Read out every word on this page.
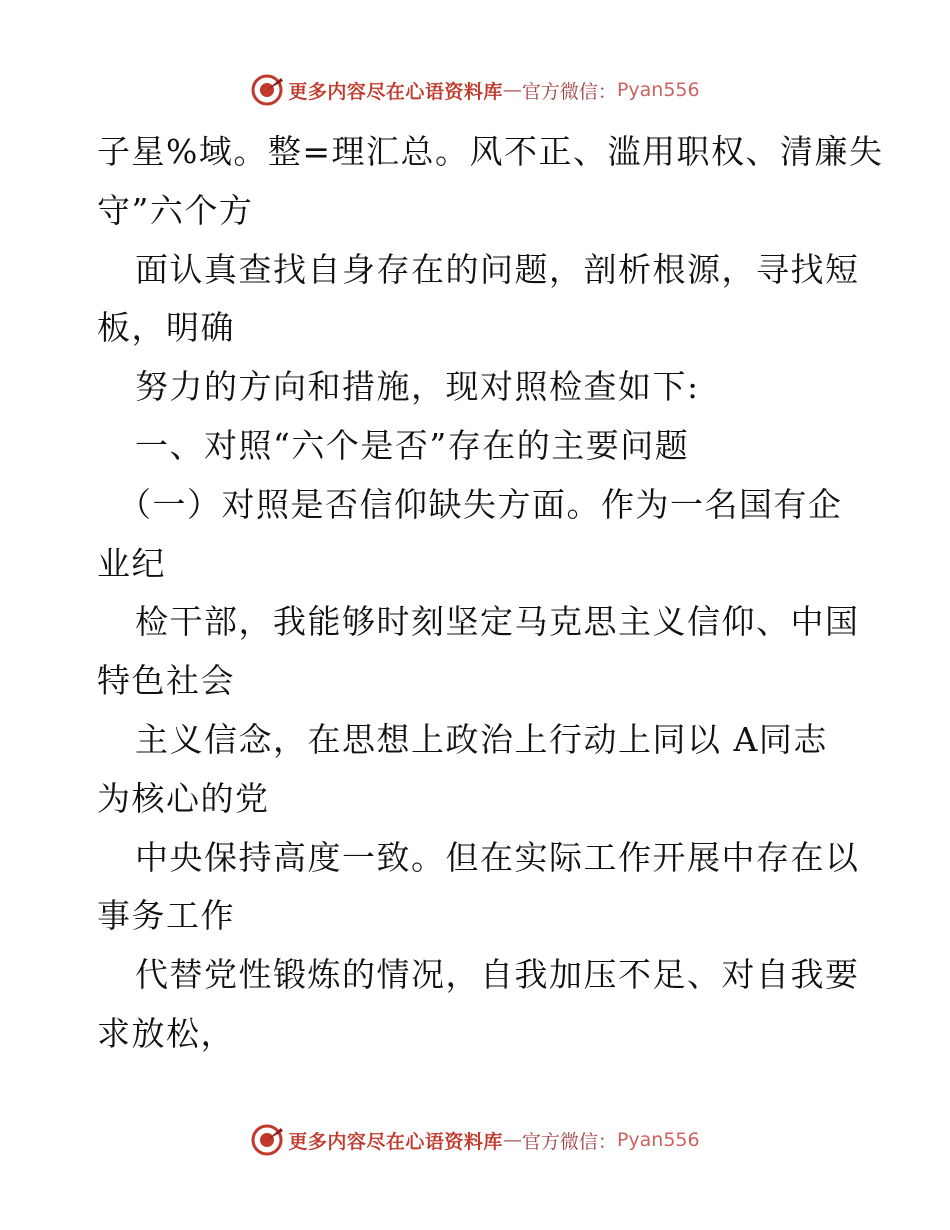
更多内容尽在心语资料库 — 官方微信： Pyan556
子星%域。整=理汇总。风不正、滥用职权、清廉失
守”六个方
面认真查找自身存在的问题，剖析根源，寻找短
板，明确
努力的方向和措施，现对照检查如下:
一、对照“六个是否”存在的主要问题
（一）对照是否信仰缺失方面。作为一名国有企
业纪
检干部，我能够时刻坚定马克思主义信仰、中国
特色社会
主义信念，在思想上政治上行动上同以 A同志
为核心的党
中央保持高度一致。但在实际工作开展中存在以
事务工作
代替党性锻炼的情况，自我加压不足、对自我要
求放松，
更多内容尽在心语资料库 — 官方微信： Pyan556
